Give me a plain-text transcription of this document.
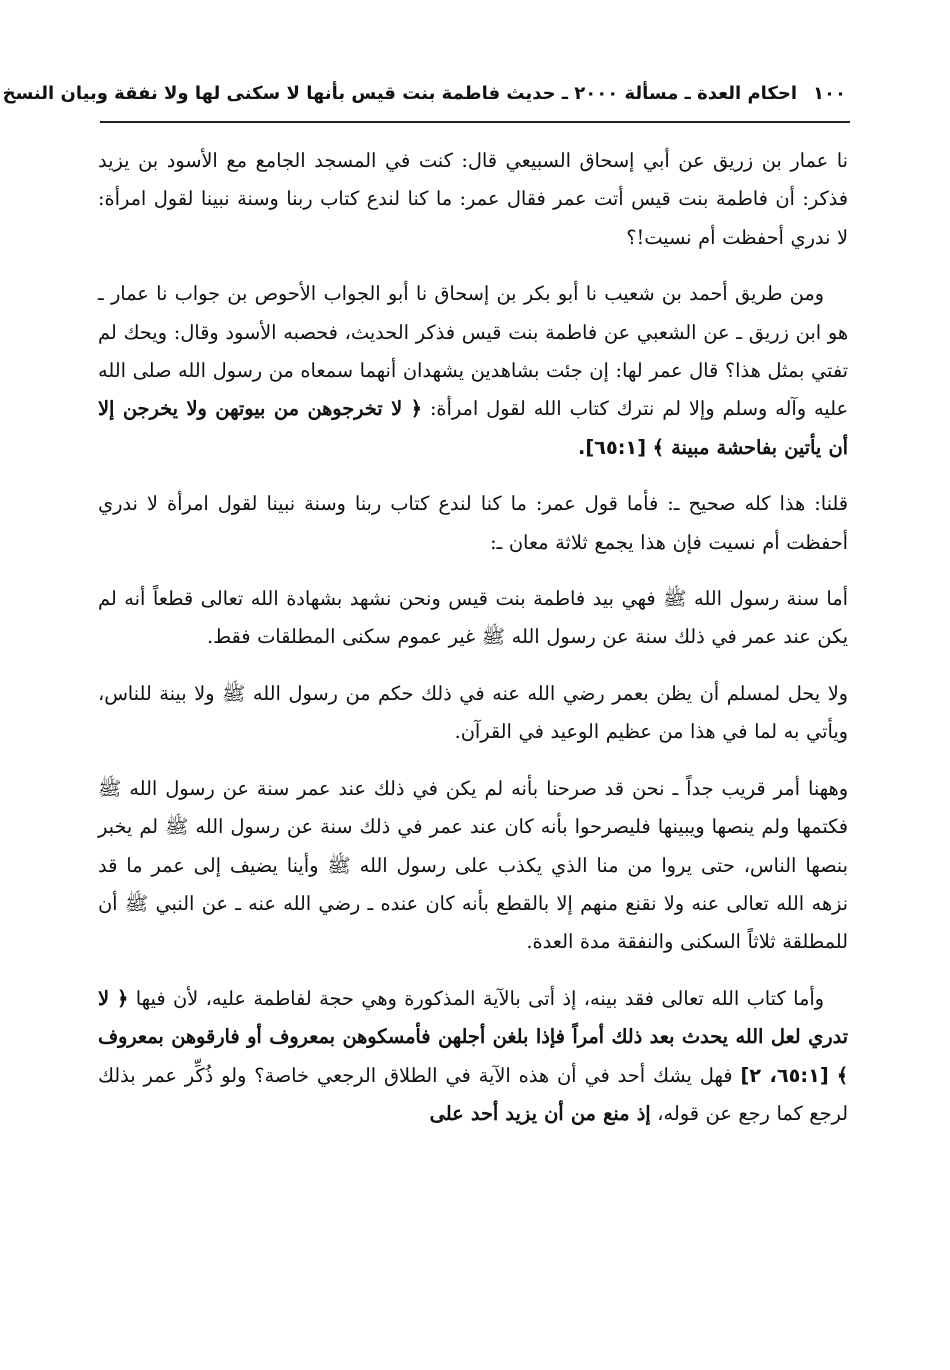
١٠٠
احكام العدة ـ مسألة ٢٠٠٠ ـ حديث فاطمة بنت قيس بأنها لا سكنى لها ولا نفقة وبيان النسخ

نا عمار بن زريق عن أبي إسحاق السبيعي قال: كنت في المسجد الجامع مع الأسود بن يزيد فذكر: أن فاطمة بنت قيس أتت عمر فقال عمر: ما كنا لندع كتاب ربنا وسنة نبينا لقول امرأة: لا ندري أحفظت أم نسيت!؟

ومن طريق أحمد بن شعيب نا أبو بكر بن إسحاق نا أبو الجواب الأحوص بن جواب نا عمار ـ هو ابن زريق ـ عن الشعبي عن فاطمة بنت قيس فذكر الحديث، فحصبه الأسود وقال: ويحك لم تفتي بمثل هذا؟ قال عمر لها: إن جئت بشاهدين يشهدان أنهما سمعاه من رسول الله صلى الله عليه وآله وسلم وإلا لم نترك كتاب الله لقول امرأة: ﴿ لا تخرجوهن من بيوتهن ولا يخرجن إلا أن يأتين بفاحشة مبينة ﴾ [٦٥:١].

قلنا: هذا كله صحيح ـ: فأما قول عمر: ما كنا لندع كتاب ربنا وسنة نبينا لقول امرأة لا ندري أحفظت أم نسيت فإن هذا يجمع ثلاثة معان ـ:

أما سنة رسول الله ﷺ فهي بيد فاطمة بنت قيس ونحن نشهد بشهادة الله تعالى قطعاً أنه لم يكن عند عمر في ذلك سنة عن رسول الله ﷺ غير عموم سكنى المطلقات فقط.

ولا يحل لمسلم أن يظن بعمر رضي الله عنه في ذلك حكم من رسول الله ﷺ ولا بينة للناس، ويأتي به لما في هذا من عظيم الوعيد في القرآن.

وههنا أمر قريب جداً ـ نحن قد صرحنا بأنه لم يكن في ذلك عند عمر سنة عن رسول الله ﷺ فكتمها ولم ينصها ويبينها فليصرحوا بأنه كان عند عمر في ذلك سنة عن رسول الله ﷺ لم يخبر بنصها الناس، حتى يروا من منا الذي يكذب على رسول الله ﷺ وأينا يضيف إلى عمر ما قد نزهه الله تعالى عنه ولا نقنع منهم إلا بالقطع بأنه كان عنده ـ رضي الله عنه ـ عن النبي ﷺ أن للمطلقة ثلاثاً السكنى والنفقة مدة العدة.

وأما كتاب الله تعالى فقد بينه، إذ أتى بالآية المذكورة وهي حجة لفاطمة عليه، لأن فيها ﴿ لا تدري لعل الله يحدث بعد ذلك أمراً فإذا بلغن أجلهن فأمسكوهن بمعروف أو فارقوهن بمعروف ﴾ [٦٥:١، ٢] فهل يشك أحد في أن هذه الآية في الطلاق الرجعي خاصة؟ ولو ذُكِّر عمر بذلك لرجع كما رجع عن قوله، إذ منع من أن يزيد أحد على
